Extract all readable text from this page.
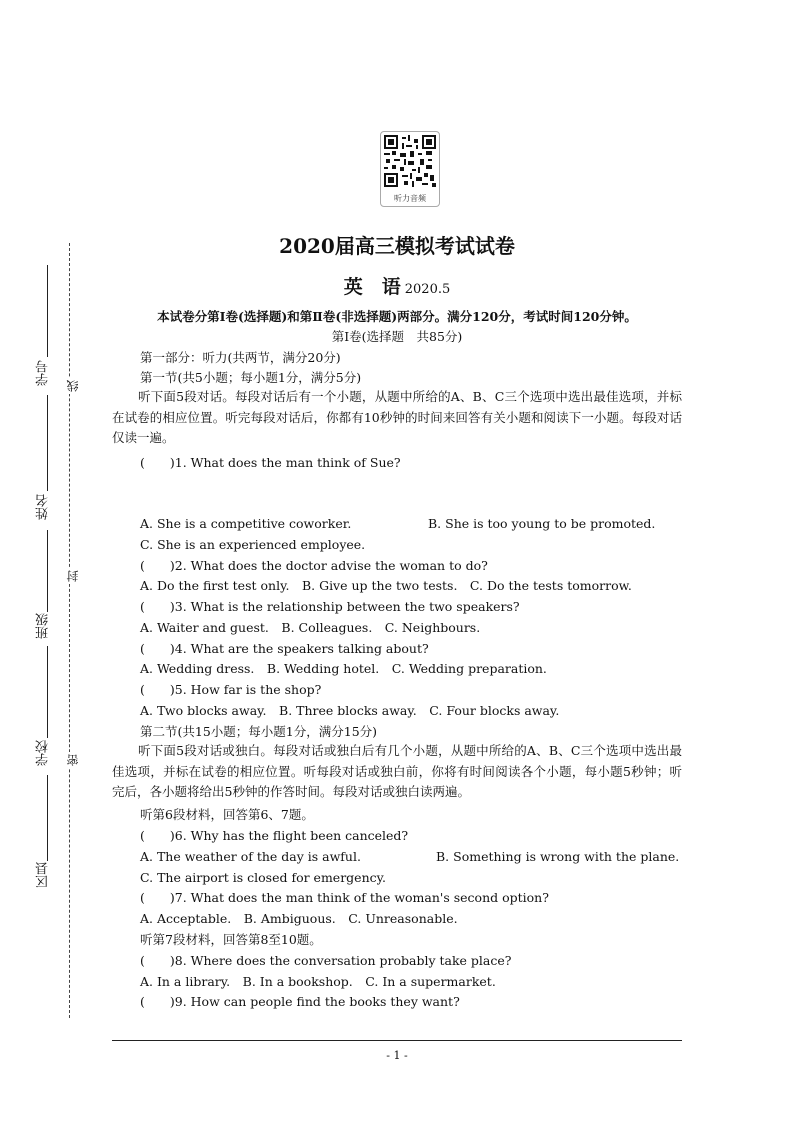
听力音频
2020届高三模拟考试试卷
英　语 2020.5
本试卷分第Ⅰ卷(选择题)和第Ⅱ卷(非选择题)两部分。满分120分，考试时间120分钟。
第Ⅰ卷(选择题　共85分)
第一部分：听力(共两节，满分20分)
第一节(共5小题；每小题1分，满分5分)
听下面5段对话。每段对话后有一个小题，从题中所给的A、B、C三个选项中选出最佳选项，并标在试卷的相应位置。听完每段对话后，你都有10秒钟的时间来回答有关小题和阅读下一小题。每段对话仅读一遍。
(　　)1. What does the man think of Sue?
A. She is a competitive coworker.	B. She is too young to be promoted.
C. She is an experienced employee.
(　　)2. What does the doctor advise the woman to do?
A. Do the first test only.　B. Give up the two tests.　C. Do the tests tomorrow.
(　　)3. What is the relationship between the two speakers?
A. Waiter and guest.　B. Colleagues.　C. Neighbours.
(　　)4. What are the speakers talking about?
A. Wedding dress.　B. Wedding hotel.　C. Wedding preparation.
(　　)5. How far is the shop?
A. Two blocks away.　B. Three blocks away.　C. Four blocks away.
第二节(共15小题；每小题1分，满分15分)
听下面5段对话或独白。每段对话或独白后有几个小题，从题中所给的A、B、C三个选项中选出最佳选项，并标在试卷的相应位置。听每段对话或独白前，你将有时间阅读各个小题，每小题5秒钟；听完后，各小题将给出5秒钟的作答时间。每段对话或独白读两遍。
听第6段材料，回答第6、7题。
(　　)6. Why has the flight been canceled?
A. The weather of the day is awful.	B. Something is wrong with the plane.
C. The airport is closed for emergency.
(　　)7. What does the man think of the woman's second option?
A. Acceptable.　B. Ambiguous.　C. Unreasonable.
听第7段材料，回答第8至10题。
(　　)8. Where does the conversation probably take place?
A. In a library.　B. In a bookshop.　C. In a supermarket.
(　　)9. How can people find the books they want?
线
封
密
学号
姓名
班级
学校
区县
- 1 -
